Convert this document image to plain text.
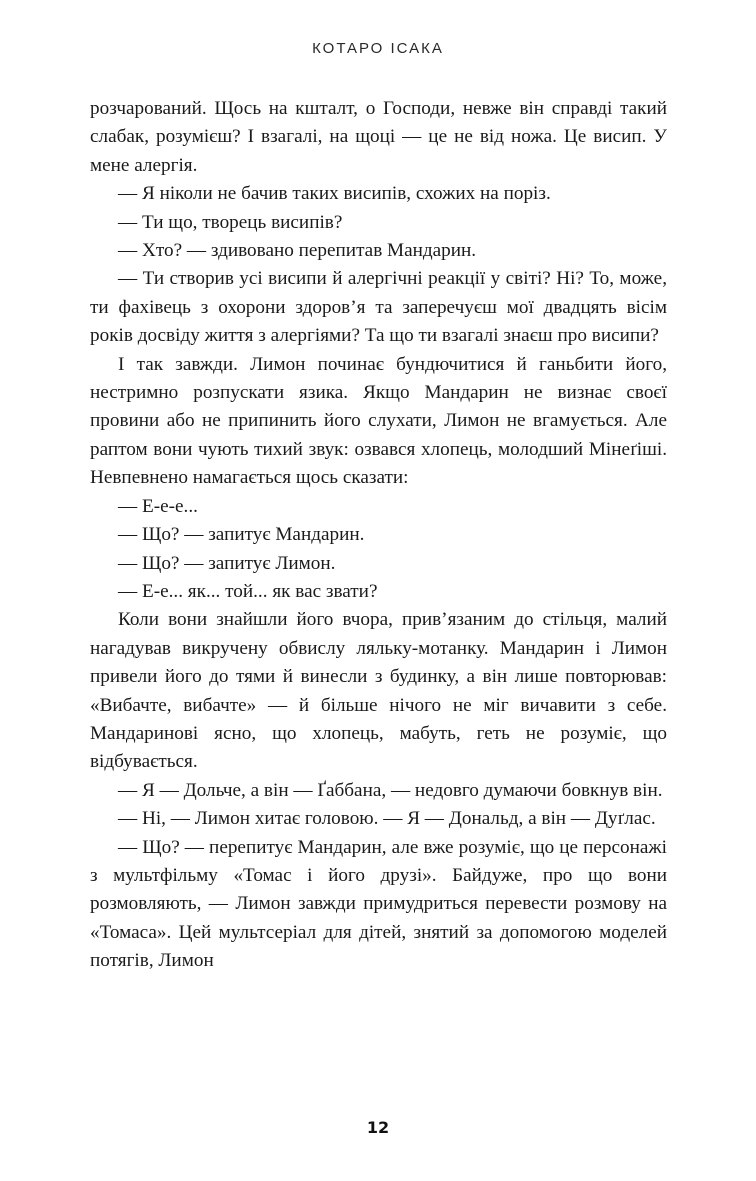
КОТАРО ІСАКА

розчарований. Щось на кшталт, о Господи, невже він справді такий слабак, розумієш? І взагалі, на щоці — це не від ножа. Це висип. У мене алергія.

— Я ніколи не бачив таких висипів, схожих на поріз.

— Ти що, творець висипів?

— Хто? — здивовано перепитав Мандарин.

— Ти створив усі висипи й алергічні реакції у світі? Ні? То, може, ти фахівець з охорони здоров’я та заперечуєш мої двадцять вісім років досвіду життя з алергіями? Та що ти взагалі знаєш про висипи?

І так завжди. Лимон починає бундючитися й ганьбити його, нестримно розпускати язика. Якщо Мандарин не визнає своєї провини або не припинить його слухати, Лимон не вгамується. Але раптом вони чують тихий звук: озвався хлопець, молодший Мінеґіші. Невпевнено намагається щось сказати:

— Е-е-е...

— Що? — запитує Мандарин.

— Що? — запитує Лимон.

— Е-е... як... той... як вас звати?

Коли вони знайшли його вчора, прив’язаним до стільця, малий нагадував викручену обвислу ляльку-мотанку. Мандарин і Лимон привели його до тями й винесли з будинку, а він лише повторював: «Вибачте, вибачте» — й більше нічого не міг вичавити з себе. Мандаринові ясно, що хлопець, мабуть, геть не розуміє, що відбувається.

— Я — Дольче, а він — Ґаббана, — недовго думаючи бовкнув він.

— Ні, — Лимон хитає головою. — Я — Дональд, а він — Дуґлас.

— Що? — перепитує Мандарин, але вже розуміє, що це персонажі з мультфільму «Томас і його друзі». Байдуже, про що вони розмовляють, — Лимон завжди примудриться перевести розмову на «Томаса». Цей мультсеріал для дітей, знятий за допомогою моделей потягів, Лимон

12
